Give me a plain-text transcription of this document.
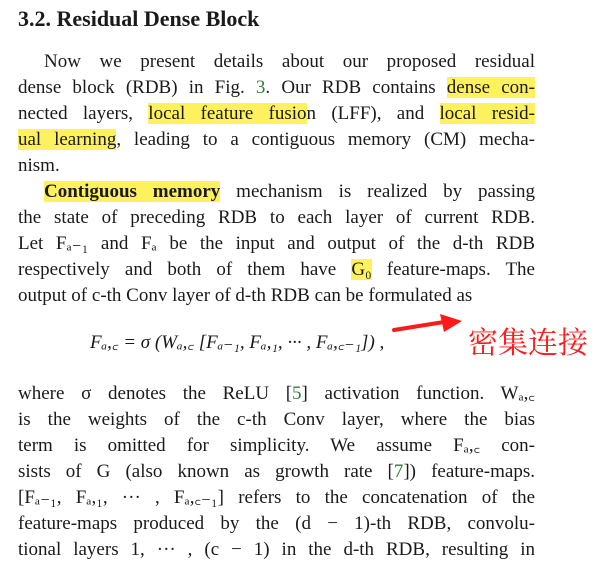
3.2. Residual Dense Block
Now we present details about our proposed residual
dense block (RDB) in Fig. 3. Our RDB contains dense con-
nected layers, local feature fusion (LFF), and local resid-
ual learning, leading to a contiguous memory (CM) mecha-
nism.
Contiguous memory mechanism is realized by passing
the state of preceding RDB to each layer of current RDB.
Let Fₐ₋₁ and Fₐ be the input and output of the d-th RDB
respectively and both of them have G₀ feature-maps. The
output of c-th Conv layer of d-th RDB can be formulated as
Fₐ,꜀ = σ (Wₐ,꜀ [Fₐ₋₁, Fₐ,₁, ··· , Fₐ,꜀₋₁]) ,	密集连接
where σ denotes the ReLU [5] activation function. Wₐ,꜀
is the weights of the c-th Conv layer, where the bias
term is omitted for simplicity. We assume Fₐ,꜀ con-
sists of G (also known as growth rate [7]) feature-maps.
[Fₐ₋₁, Fₐ,₁, ··· , Fₐ,꜀₋₁] refers to the concatenation of the
feature-maps produced by the (d − 1)-th RDB, convolu-
tional layers 1, ··· , (c − 1) in the d-th RDB, resulting in
